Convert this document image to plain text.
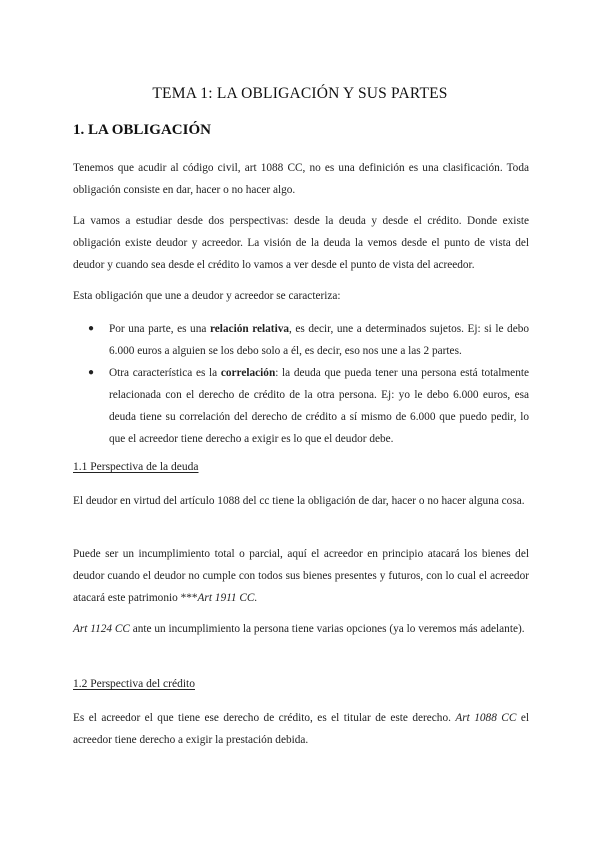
TEMA 1: LA OBLIGACIÓN Y SUS PARTES
1. LA OBLIGACIÓN

Tenemos que acudir al código civil, art 1088 CC, no es una definición es una clasificación. Toda obligación consiste en dar, hacer o no hacer algo.

La vamos a estudiar desde dos perspectivas: desde la deuda y desde el crédito. Donde existe obligación existe deudor y acreedor. La visión de la deuda la vemos desde el punto de vista del deudor y cuando sea desde el crédito lo vamos a ver desde el punto de vista del acreedor.

Esta obligación que une a deudor y acreedor se caracteriza:

● Por una parte, es una relación relativa, es decir, une a determinados sujetos. Ej: si le debo 6.000 euros a alguien se los debo solo a él, es decir, eso nos une a las 2 partes.
● Otra característica es la correlación: la deuda que pueda tener una persona está totalmente relacionada con el derecho de crédito de la otra persona. Ej: yo le debo 6.000 euros, esa deuda tiene su correlación del derecho de crédito a sí mismo de 6.000 que puedo pedir, lo que el acreedor tiene derecho a exigir es lo que el deudor debe.
1.1 Perspectiva de la deuda

El deudor en virtud del artículo 1088 del cc tiene la obligación de dar, hacer o no hacer alguna cosa.

Puede ser un incumplimiento total o parcial, aquí el acreedor en principio atacará los bienes del deudor cuando el deudor no cumple con todos sus bienes presentes y futuros, con lo cual el acreedor atacará este patrimonio ***Art 1911 CC.

Art 1124 CC ante un incumplimiento la persona tiene varias opciones (ya lo veremos más adelante).

1.2 Perspectiva del crédito

Es el acreedor el que tiene ese derecho de crédito, es el titular de este derecho. Art 1088 CC el acreedor tiene derecho a exigir la prestación debida.
